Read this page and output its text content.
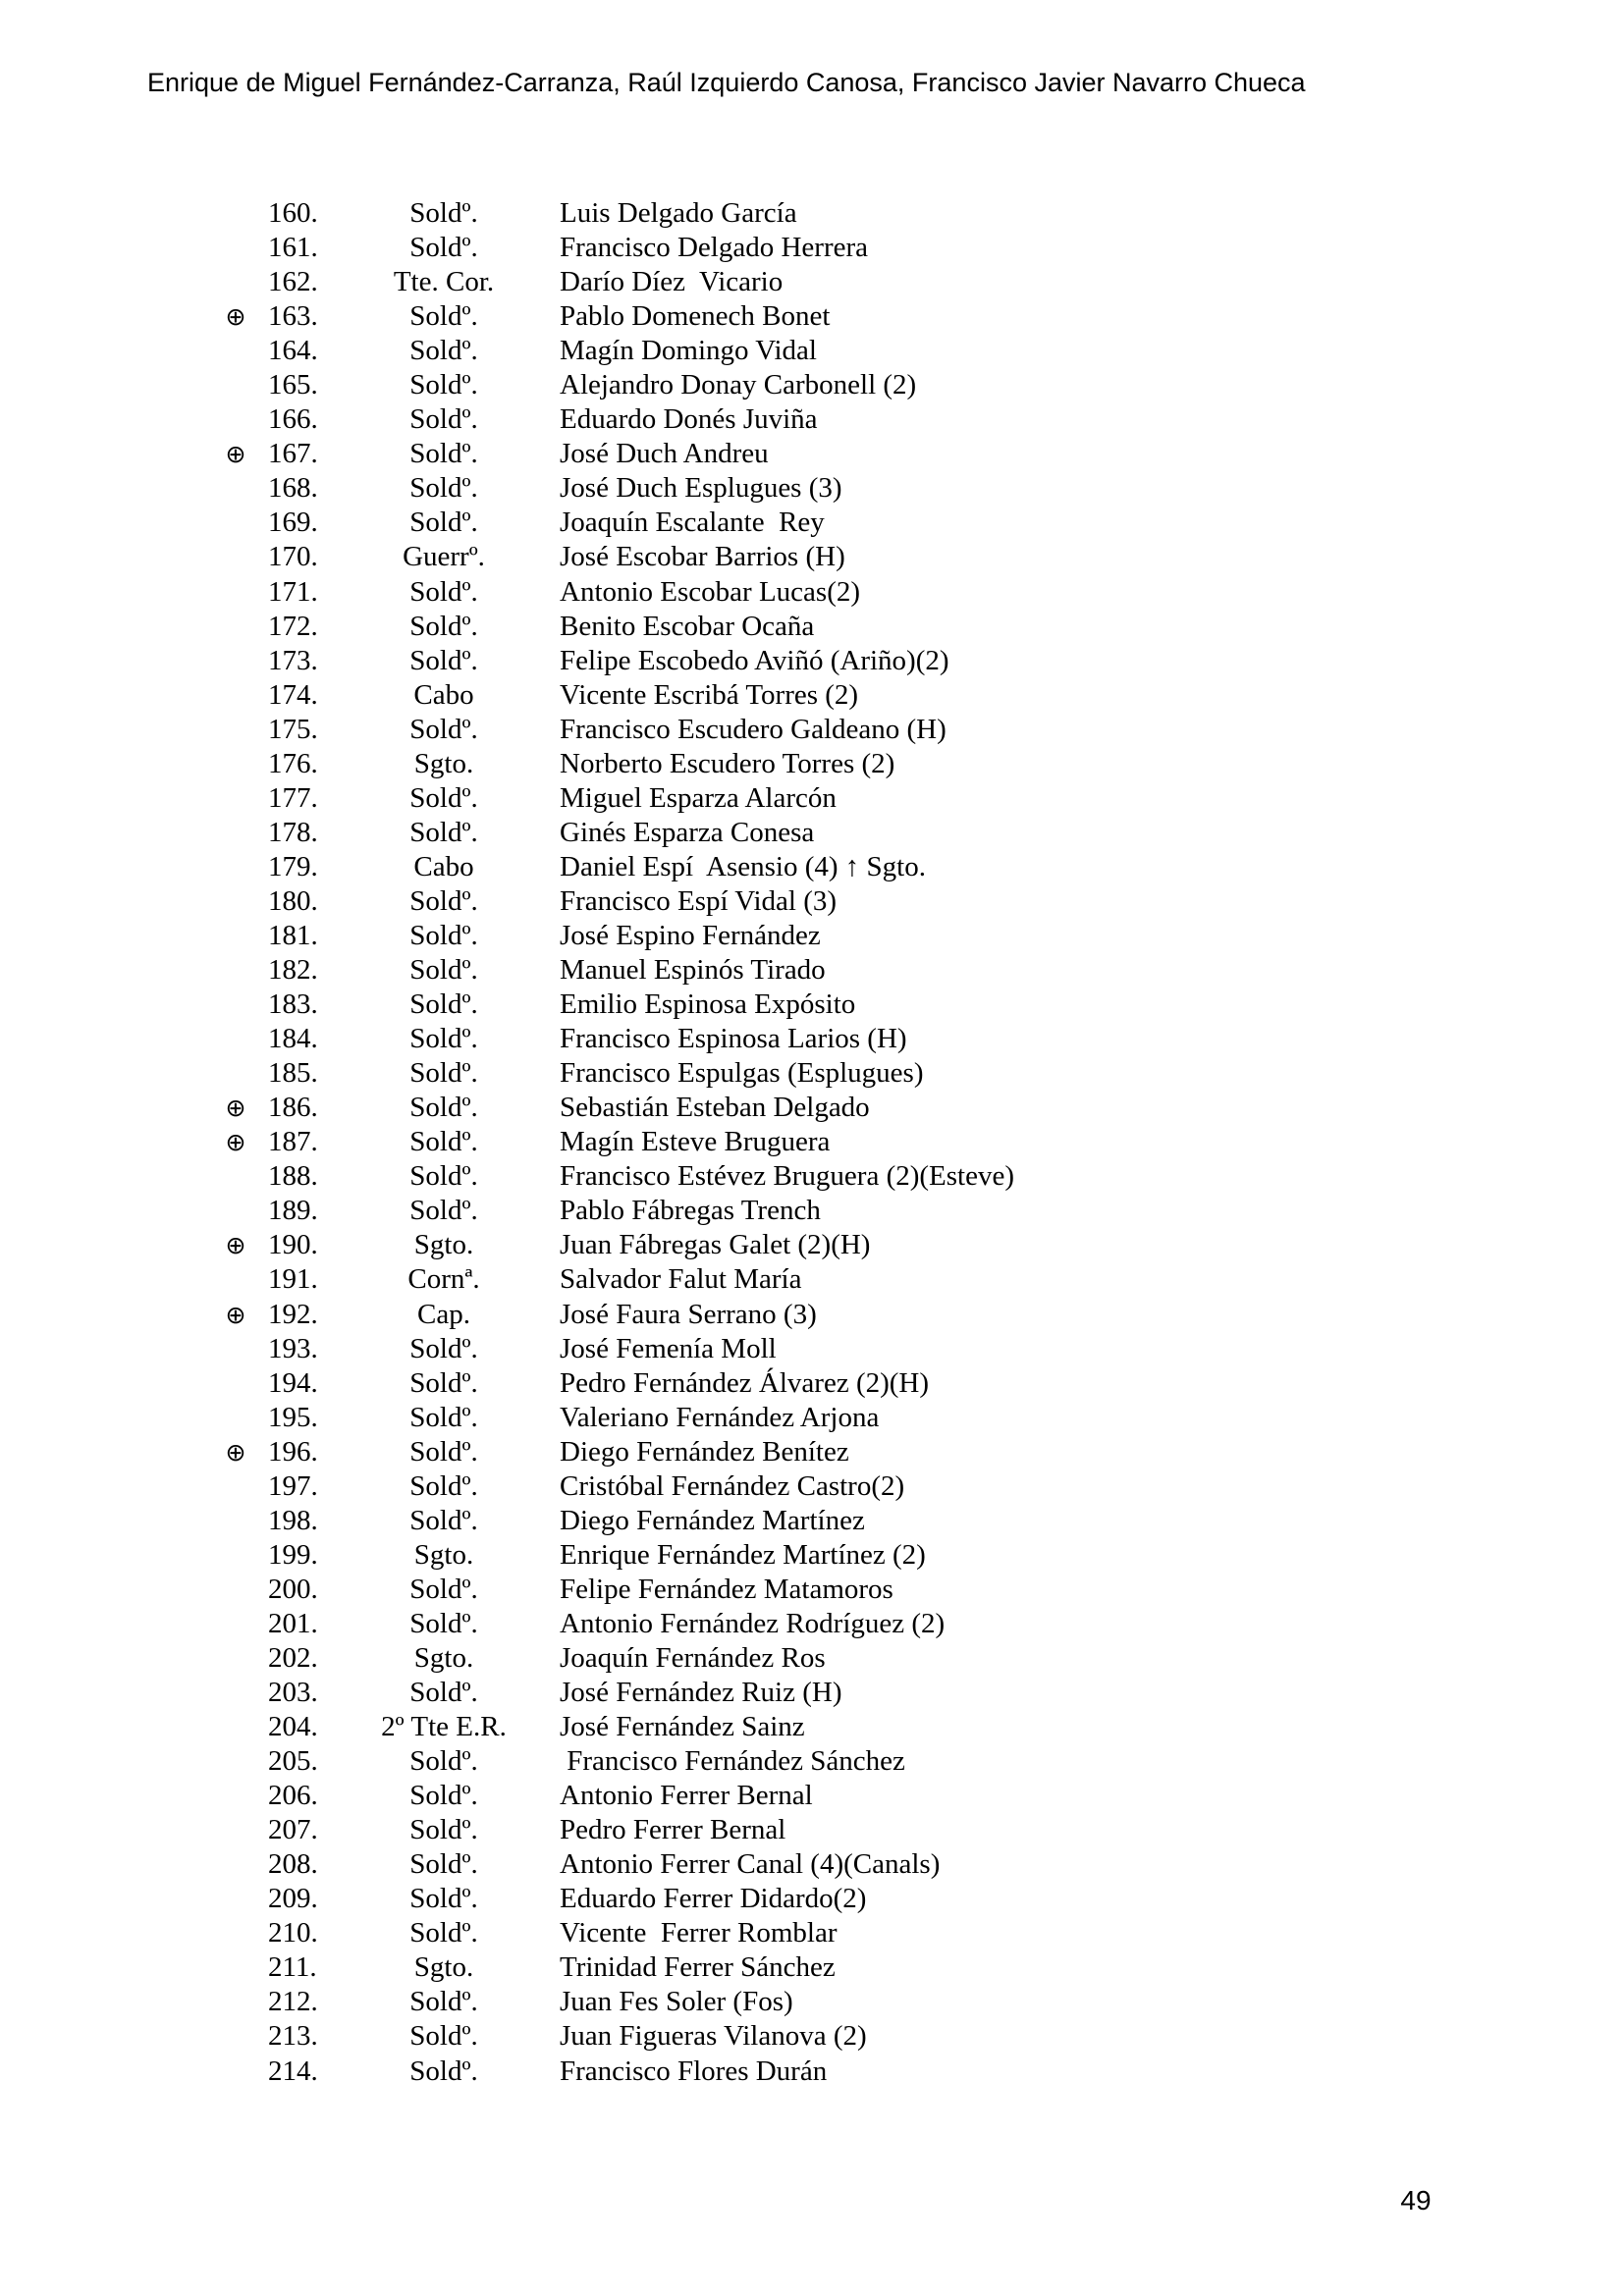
Enrique de Miguel Fernández-Carranza, Raúl Izquierdo Canosa, Francisco Javier Navarro Chueca
160.	Soldº.	Luis Delgado García
161.	Soldº.	Francisco Delgado Herrera
162.	Tte. Cor.	Darío Díez  Vicario
⊕ 163.	Soldº.	Pablo Domenech Bonet
164.	Soldº.	Magín Domingo Vidal
165.	Soldº.	Alejandro Donay Carbonell (2)
166.	Soldº.	Eduardo Donés Juviña
⊕ 167.	Soldº.	José Duch Andreu
168.	Soldº.	José Duch Esplugues (3)
169.	Soldº.	Joaquín Escalante  Rey
170.	Guerrº.	José Escobar Barrios (H)
171.	Soldº.	Antonio Escobar Lucas(2)
172.	Soldº.	Benito Escobar Ocaña
173.	Soldº.	Felipe Escobedo Aviñó (Ariño)(2)
174.	Cabo	Vicente Escribá Torres (2)
175.	Soldº.	Francisco Escudero Galdeano (H)
176.	Sgto.	Norberto Escudero Torres (2)
177.	Soldº.	Miguel Esparza Alarcón
178.	Soldº.	Ginés Esparza Conesa
179.	Cabo	Daniel Espí  Asensio (4) ↑ Sgto.
180.	Soldº.	Francisco Espí Vidal (3)
181.	Soldº.	José Espino Fernández
182.	Soldº.	Manuel Espinós Tirado
183.	Soldº.	Emilio Espinosa Expósito
184.	Soldº.	Francisco Espinosa Larios (H)
185.	Soldº.	Francisco Espulgas (Esplugues)
⊕ 186.	Soldº.	Sebastián Esteban Delgado
⊕ 187.	Soldº.	Magín Esteve Bruguera
188.	Soldº.	Francisco Estévez Bruguera (2)(Esteve)
189.	Soldº.	Pablo Fábregas Trench
⊕ 190.	Sgto.	Juan Fábregas Galet (2)(H)
191.	Cornª.	Salvador Falut María
⊕ 192.	Cap.	José Faura Serrano (3)
193.	Soldº.	José Femenía Moll
194.	Soldº.	Pedro Fernández Álvarez (2)(H)
195.	Soldº.	Valeriano Fernández Arjona
⊕ 196.	Soldº.	Diego Fernández Benítez
197.	Soldº.	Cristóbal Fernández Castro(2)
198.	Soldº.	Diego Fernández Martínez
199.	Sgto.	Enrique Fernández Martínez (2)
200.	Soldº.	Felipe Fernández Matamoros
201.	Soldº.	Antonio Fernández Rodríguez (2)
202.	Sgto.	Joaquín Fernández Ros
203.	Soldº.	José Fernández Ruiz (H)
204.	2º Tte E.R.	José Fernández Sainz
205.	Soldº.	Francisco Fernández Sánchez
206.	Soldº.	Antonio Ferrer Bernal
207.	Soldº.	Pedro Ferrer Bernal
208.	Soldº.	Antonio Ferrer Canal (4)(Canals)
209.	Soldº.	Eduardo Ferrer Didardo(2)
210.	Soldº.	Vicente  Ferrer Romblar
211.	Sgto.	Trinidad Ferrer Sánchez
212.	Soldº.	Juan Fes Soler (Fos)
213.	Soldº.	Juan Figueras Vilanova (2)
214.	Soldº.	Francisco Flores Durán
49
